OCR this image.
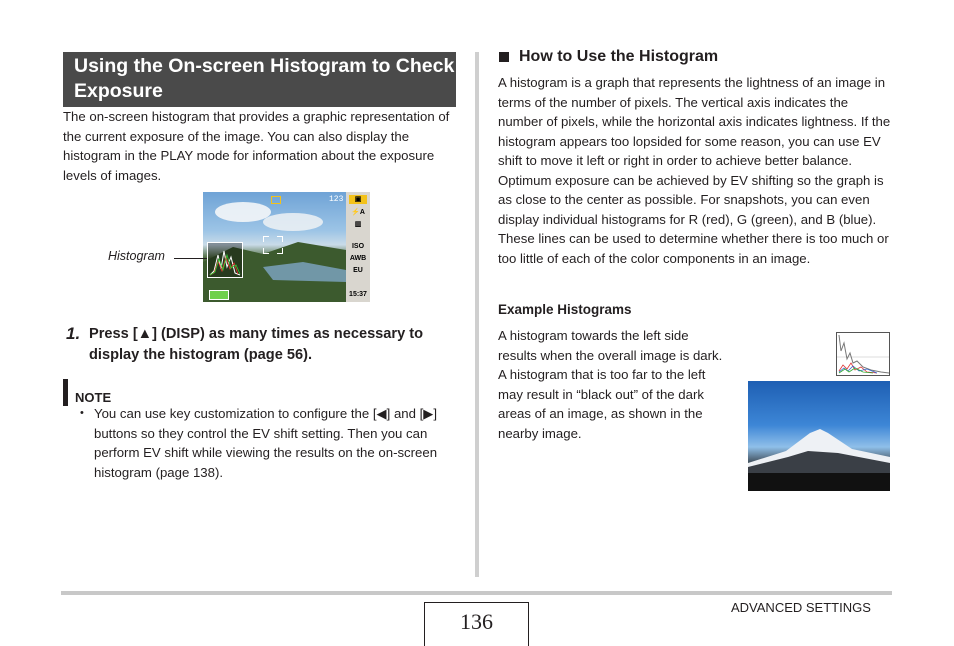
Using the On-screen Histogram to Check Exposure
The on-screen histogram that provides a graphic representation of the current exposure of the image. You can also display the histogram in the PLAY mode for information about the exposure levels of images.
123	▣
⚡A
▥
ISO
AWB
EU
15:37
Histogram
1. Press [▲] (DISP) as many times as necessary to display the histogram (page 56).
NOTE
• You can use key customization to configure the [◀] and [▶] buttons so they control the EV shift setting. Then you can perform EV shift while viewing the results on the on-screen histogram (page 138).
How to Use the Histogram
A histogram is a graph that represents the lightness of an image in terms of the number of pixels. The vertical axis indicates the number of pixels, while the horizontal axis indicates lightness. If the histogram appears too lopsided for some reason, you can use EV shift to move it left or right in order to achieve better balance. Optimum exposure can be achieved by EV shifting so the graph is as close to the center as possible. For snapshots, you can even display individual histograms for R (red), G (green), and B (blue). These lines can be used to determine whether there is too much or too little of each of the color components in an image.
Example Histograms
A histogram towards the left side results when the overall image is dark. A histogram that is too far to the left may result in “black out” of the dark areas of an image, as shown in the nearby image.
136
ADVANCED SETTINGS
